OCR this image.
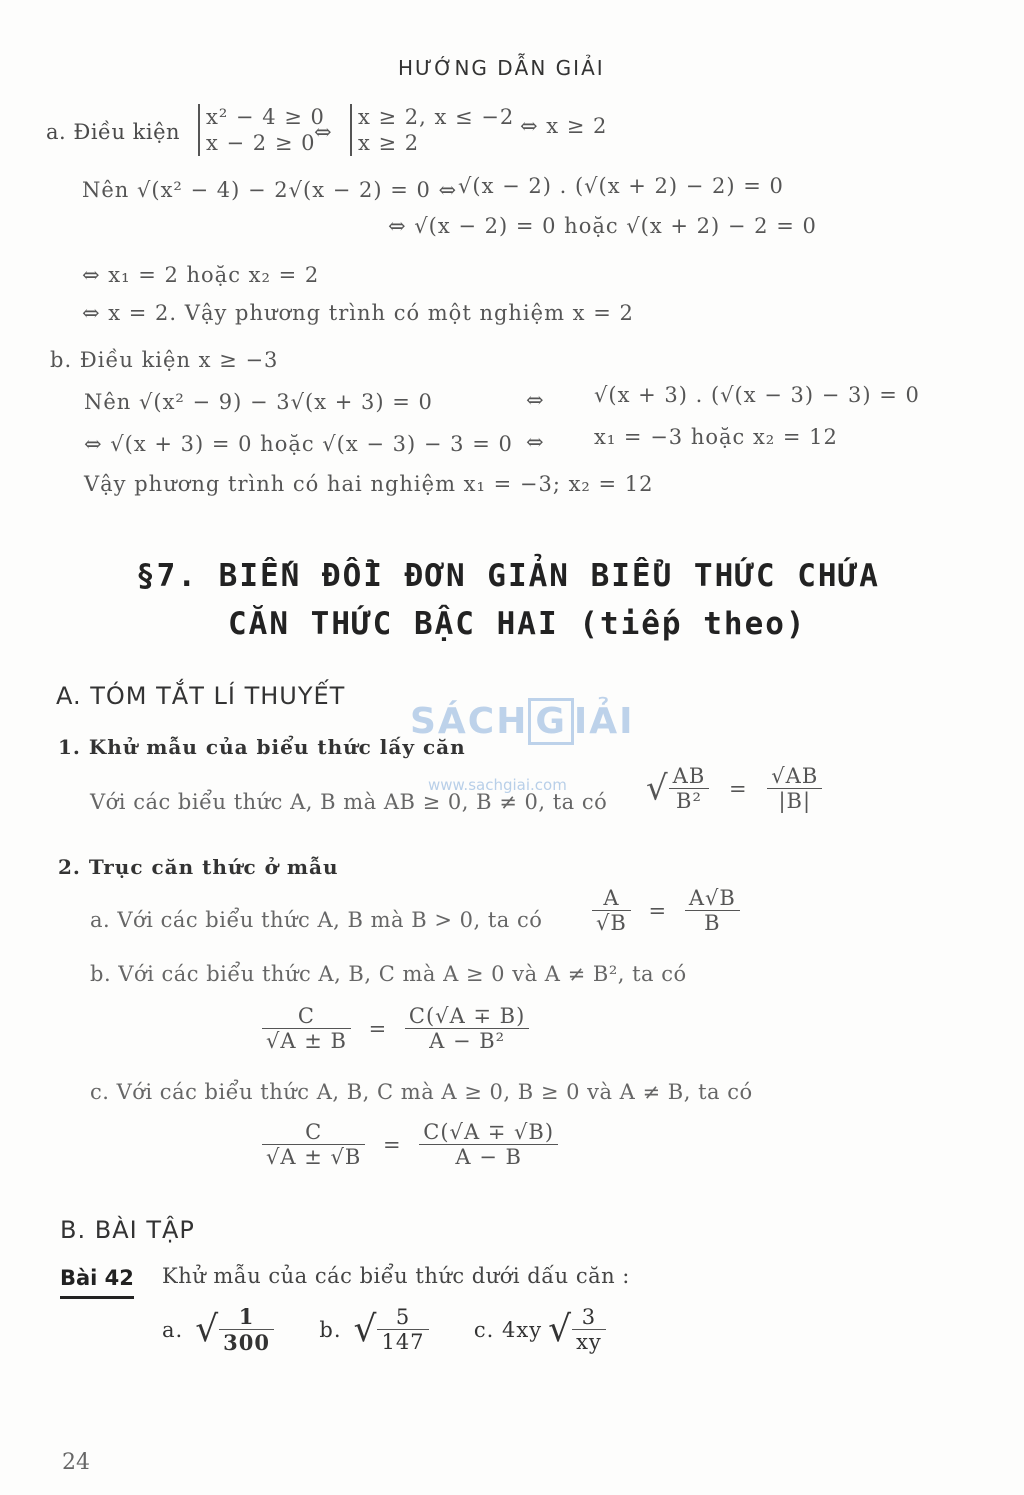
HƯỚNG DẪN GIẢI
a. Điều kiện
x² − 4 ≥ 0
x − 2 ≥ 0
⇔
x ≥ 2, x ≤ −2
x ≥ 2
⇔ x ≥ 2
Nên √(x² − 4) − 2√(x − 2) = 0 ⇔ √(x − 2) . (√(x + 2) − 2) = 0
⇔ √(x − 2) = 0 hoặc √(x + 2) − 2 = 0
⇔ x₁ = 2 hoặc x₂ = 2
⇔ x = 2. Vậy phương trình có một nghiệm x = 2
b. Điều kiện x ≥ −3
Nên √(x² − 9) − 3√(x + 3) = 0	⇔ √(x + 3) . (√(x − 3) − 3) = 0
⇔ √(x + 3) = 0 hoặc √(x − 3) − 3 = 0 ⇔ x₁ = −3 hoặc x₂ = 12
Vậy phương trình có hai nghiệm x₁ = −3; x₂ = 12
§7. BIẾN ĐỔI ĐƠN GIẢN BIỂU THỨC CHỨA
CĂN THỨC BẬC HAI (tiếp theo)
A. TÓM TẮT LÍ THUYẾT
SÁCH G IẢI
www.sachgiai.com
1. Khử mẫu của biểu thức lấy căn
Với các biểu thức A, B mà AB ≥ 0, B ≠ 0, ta có √ $\frac{AB}{\text{B²}} = \frac{√AB}{|B|}$
2. Trục căn thức ở mẫu
a. Với các biểu thức A, B mà B > 0, ta có $\frac{A}{√B} = \frac{A√B}{B}$
b. Với các biểu thức A, B, C mà A ≥ 0 và A ≠ B², ta có
$\frac{C}{√A \pm B} = \frac{C(√A \mp B)}{\text{A − B²}}$
c. Với các biểu thức A, B, C mà A ≥ 0, B ≥ 0 và A ≠ B, ta có
$\frac{C}{√A \pm √B} = \frac{C(√A \mp √B)}{A - B}$
B. BÀI TẬP
Bài 42 Khử mẫu của các biểu thức dưới dấu căn :
a. √ $\frac{1}{300} b$. √ $\frac{5}{147} c$. 4xy √ $\frac{3}{xy}$
24
